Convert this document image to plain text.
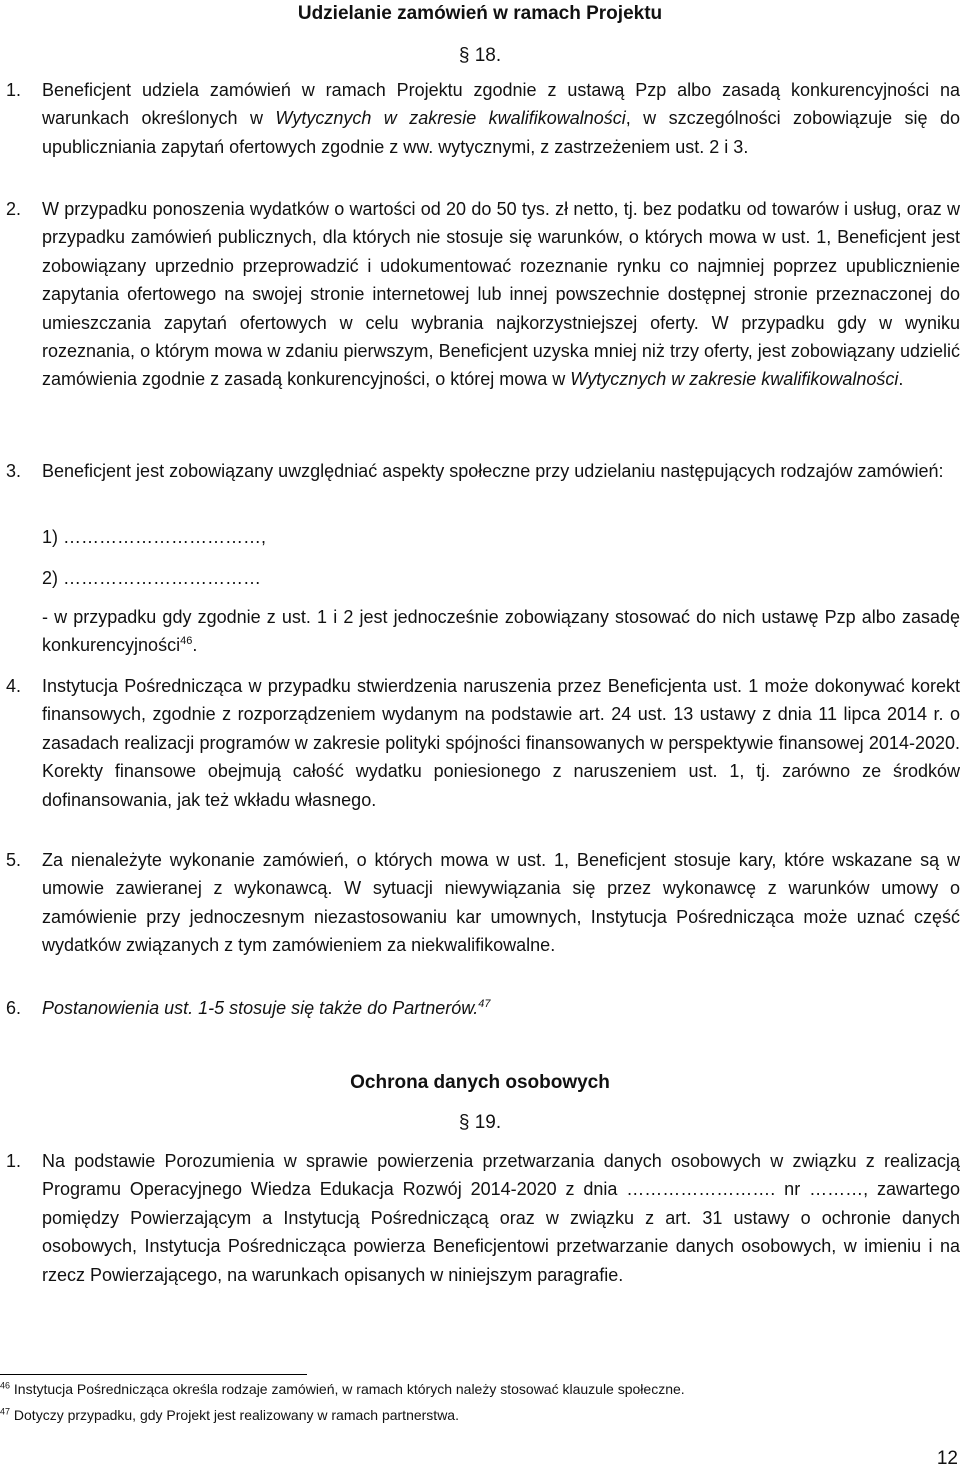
Udzielanie zamówień w ramach Projektu
§ 18.
1. Beneficjent udziela zamówień w ramach Projektu zgodnie z ustawą Pzp albo zasadą konkurencyjności na warunkach określonych w Wytycznych w zakresie kwalifikowalności, w szczególności zobowiązuje się do upubliczniania zapytań ofertowych zgodnie z ww. wytycznymi, z zastrzeżeniem ust. 2 i 3.
2. W przypadku ponoszenia wydatków o wartości od 20 do 50 tys. zł netto, tj. bez podatku od towarów i usług, oraz w przypadku zamówień publicznych, dla których nie stosuje się warunków, o których mowa w ust. 1, Beneficjent jest zobowiązany uprzednio przeprowadzić i udokumentować rozeznanie rynku co najmniej poprzez upublicznienie zapytania ofertowego na swojej stronie internetowej lub innej powszechnie dostępnej stronie przeznaczonej do umieszczania zapytań ofertowych w celu wybrania najkorzystniejszej oferty. W przypadku gdy w wyniku rozeznania, o którym mowa w zdaniu pierwszym, Beneficjent uzyska mniej niż trzy oferty, jest zobowiązany udzielić zamówienia zgodnie z zasadą konkurencyjności, o której mowa w Wytycznych w zakresie kwalifikowalności.
3. Beneficjent jest zobowiązany uwzględniać aspekty społeczne przy udzielaniu następujących rodzajów zamówień:
1) ……………………………,
2) ……………………………
- w przypadku gdy zgodnie z ust. 1 i 2 jest jednocześnie zobowiązany stosować do nich ustawę Pzp albo zasadę konkurencyjności$^{46}$.
4. Instytucja Pośrednicząca w przypadku stwierdzenia naruszenia przez Beneficjenta ust. 1 może dokonywać korekt finansowych, zgodnie z rozporządzeniem wydanym na podstawie art. 24 ust. 13 ustawy z dnia 11 lipca 2014 r. o zasadach realizacji programów w zakresie polityki spójności finansowanych w perspektywie finansowej 2014-2020. Korekty finansowe obejmują całość wydatku poniesionego z naruszeniem ust. 1, tj. zarówno ze środków dofinansowania, jak też wkładu własnego.
5. Za nienależyte wykonanie zamówień, o których mowa w ust. 1, Beneficjent stosuje kary, które wskazane są w umowie zawieranej z wykonawcą. W sytuacji niewywiązania się przez wykonawcę z warunków umowy o zamówienie przy jednoczesnym niezastosowaniu kar umownych, Instytucja Pośrednicząca może uznać część wydatków związanych z tym zamówieniem za niekwalifikowalne.
6. Postanowienia ust. 1-5 stosuje się także do Partnerów.$^{47}$
Ochrona danych osobowych
§ 19.
1. Na podstawie Porozumienia w sprawie powierzenia przetwarzania danych osobowych w związku z realizacją Programu Operacyjnego Wiedza Edukacja Rozwój 2014-2020 z dnia ……………………. nr ………, zawartego pomiędzy Powierzającym a Instytucją Pośredniczącą oraz w związku z art. 31 ustawy o ochronie danych osobowych, Instytucja Pośrednicząca powierza Beneficjentowi przetwarzanie danych osobowych, w imieniu i na rzecz Powierzającego, na warunkach opisanych w niniejszym paragrafie.
$^{46}$ Instytucja Pośrednicząca określa rodzaje zamówień, w ramach których należy stosować klauzule społeczne.
$^{47}$ Dotyczy przypadku, gdy Projekt jest realizowany w ramach partnerstwa.
12
